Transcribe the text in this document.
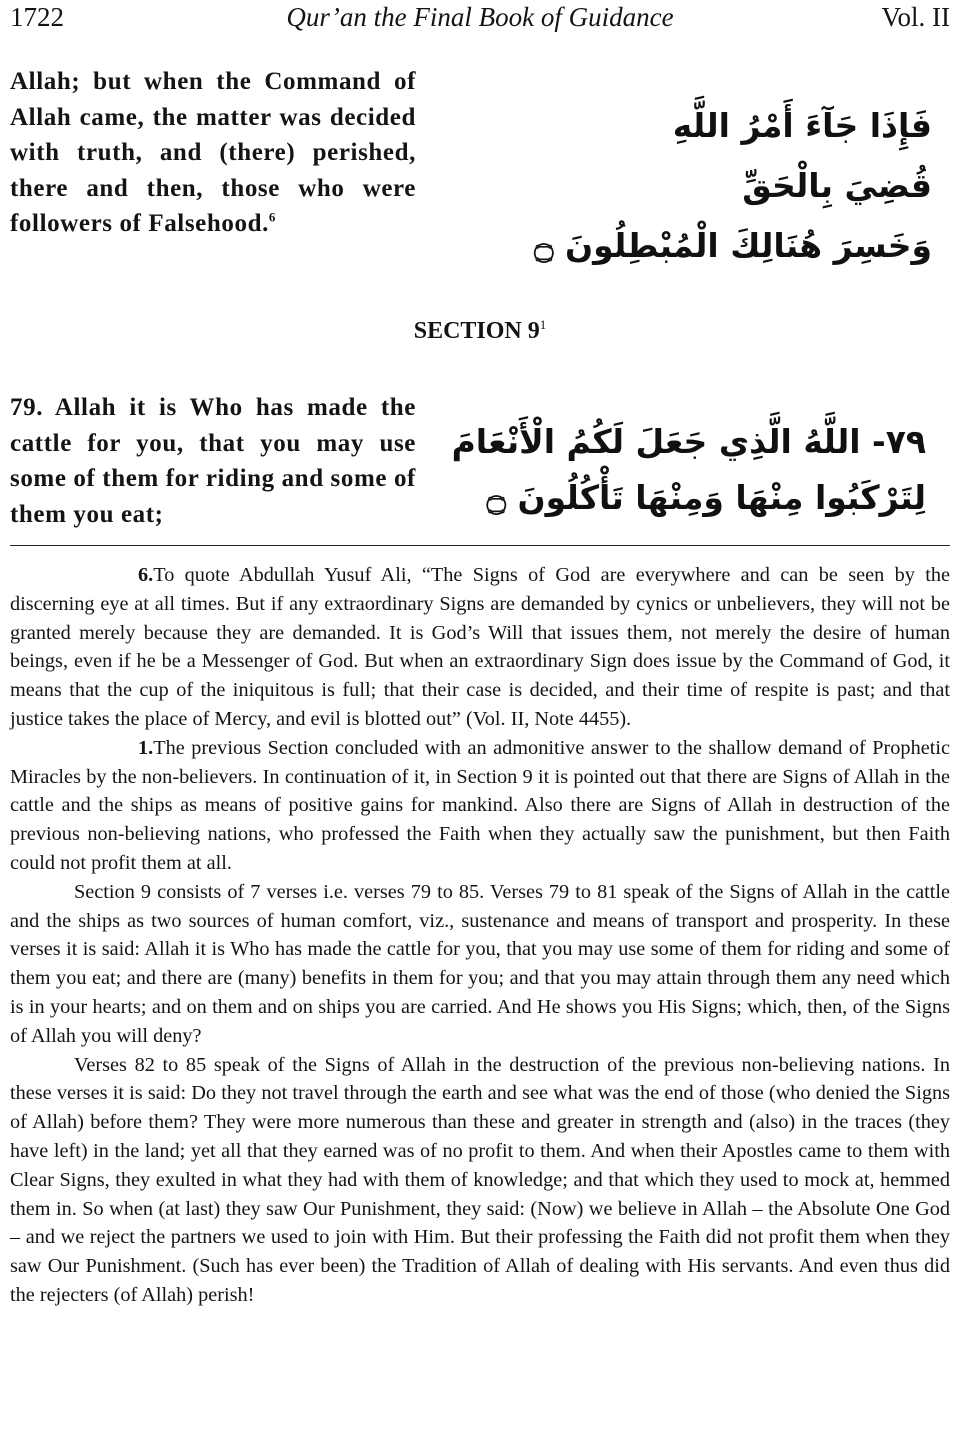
1722	Qur’an the Final Book of Guidance	Vol. II
Allah; but when the Command of Allah came, the matter was decided with truth, and (there) perished, there and then, those who were followers of Falsehood.$^6$
فَإِذَا جَآءَ أَمْرُ اللَّهِ
قُضِيَ بِالْحَقِّ
وَخَسِرَ هُنَالِكَ الْمُبْطِلُونَ ۝
SECTION $9^1$
79. Allah it is Who has made the cattle for you, that you may use some of them for riding and some of them you eat;
٧٩- اللَّهُ الَّذِي جَعَلَ لَكُمُ الْأَنْعَامَ
لِتَرْكَبُوا مِنْهَا وَمِنْهَا تَأْكُلُونَ ۝

6.To quote Abdullah Yusuf Ali, “The Signs of God are everywhere and can be seen by the discerning eye at all times. But if any extraordinary Signs are demanded by cynics or unbelievers, they will not be granted merely because they are demanded. It is God’s Will that issues them, not merely the desire of human beings, even if he be a Messenger of God. But when an extraordinary Sign does issue by the Command of God, it means that the cup of the iniquitous is full; that their case is decided, and their time of respite is past; and that justice takes the place of Mercy, and evil is blotted out” (Vol. II, Note 4455).

1.The previous Section concluded with an admonitive answer to the shallow demand of Prophetic Miracles by the non-believers. In continuation of it, in Section 9 it is pointed out that there are Signs of Allah in the cattle and the ships as means of positive gains for mankind. Also there are Signs of Allah in destruction of the previous non-believing nations, who professed the Faith when they actually saw the punishment, but then Faith could not profit them at all.

Section 9 consists of 7 verses i.e. verses 79 to 85. Verses 79 to 81 speak of the Signs of Allah in the cattle and the ships as two sources of human comfort, viz., sustenance and means of transport and prosperity. In these verses it is said: Allah it is Who has made the cattle for you, that you may use some of them for riding and some of them you eat; and there are (many) benefits in them for you; and that you may attain through them any need which is in your hearts; and on them and on ships you are carried. And He shows you His Signs; which, then, of the Signs of Allah you will deny?

Verses 82 to 85 speak of the Signs of Allah in the destruction of the previous non-believing nations. In these verses it is said: Do they not travel through the earth and see what was the end of those (who denied the Signs of Allah) before them? They were more numerous than these and greater in strength and (also) in the traces (they have left) in the land; yet all that they earned was of no profit to them. And when their Apostles came to them with Clear Signs, they exulted in what they had with them of knowledge; and that which they used to mock at, hemmed them in. So when (at last) they saw Our Punishment, they said: (Now) we believe in Allah – the Absolute One God – and we reject the partners we used to join with Him. But their professing the Faith did not profit them when they saw Our Punishment. (Such has ever been) the Tradition of Allah of dealing with His servants. And even thus did the rejecters (of Allah) perish!
